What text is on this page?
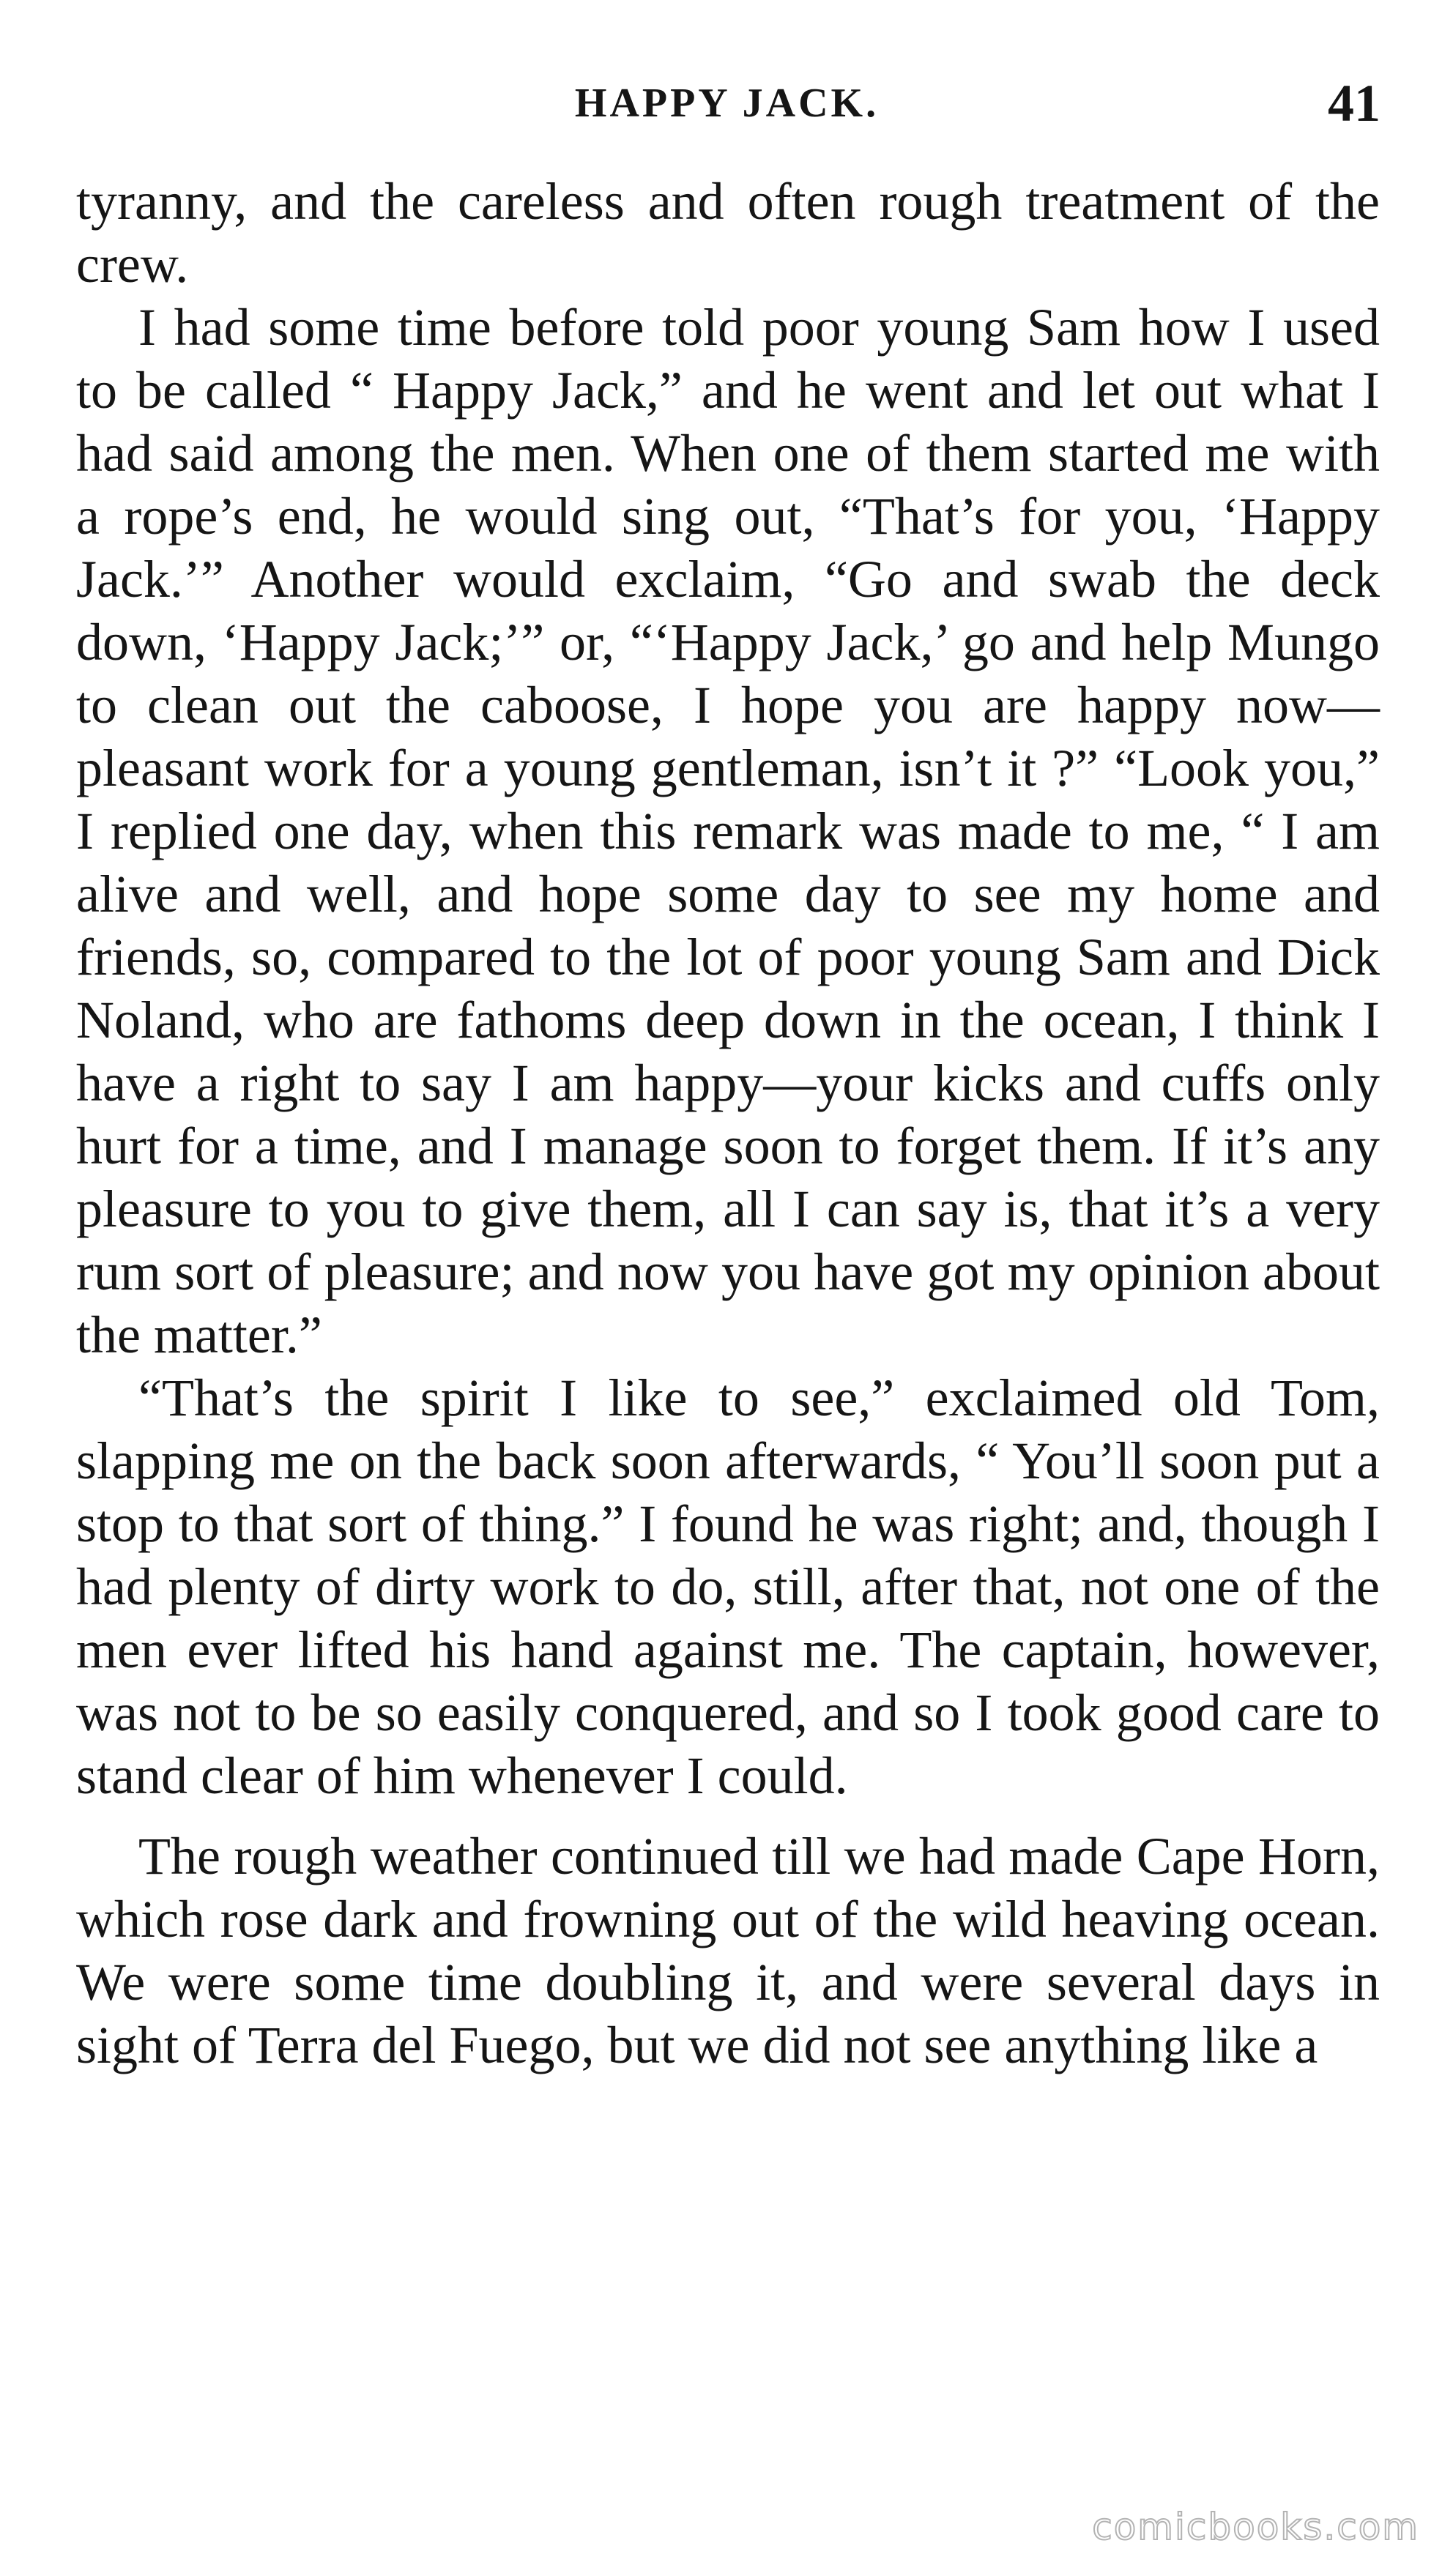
HAPPY JACK.	41

tyranny, and the careless and often rough treatment of the crew.

I had some time before told poor young Sam how I used to be called “ Happy Jack,” and he went and let out what I had said among the men. When one of them started me with a rope’s end, he would sing out, “That’s for you, ‘Happy Jack.’” Another would exclaim, “Go and swab the deck down, ‘Happy Jack;’” or, “‘Happy Jack,’ go and help Mungo to clean out the caboose, I hope you are happy now—pleasant work for a young gentleman, isn’t it ?” “Look you,” I replied one day, when this remark was made to me, “ I am alive and well, and hope some day to see my home and friends, so, compared to the lot of poor young Sam and Dick Noland, who are fathoms deep down in the ocean, I think I have a right to say I am happy—your kicks and cuffs only hurt for a time, and I manage soon to forget them. If it’s any pleasure to you to give them, all I can say is, that it’s a very rum sort of pleasure; and now you have got my opinion about the matter.”

“That’s the spirit I like to see,” exclaimed old Tom, slapping me on the back soon afterwards, “ You’ll soon put a stop to that sort of thing.” I found he was right; and, though I had plenty of dirty work to do, still, after that, not one of the men ever lifted his hand against me. The captain, however, was not to be so easily conquered, and so I took good care to stand clear of him whenever I could.

The rough weather continued till we had made Cape Horn, which rose dark and frowning out of the wild heaving ocean. We were some time doubling it, and were several days in sight of Terra del Fuego, but we did not see anything like a

comicbooks.com
